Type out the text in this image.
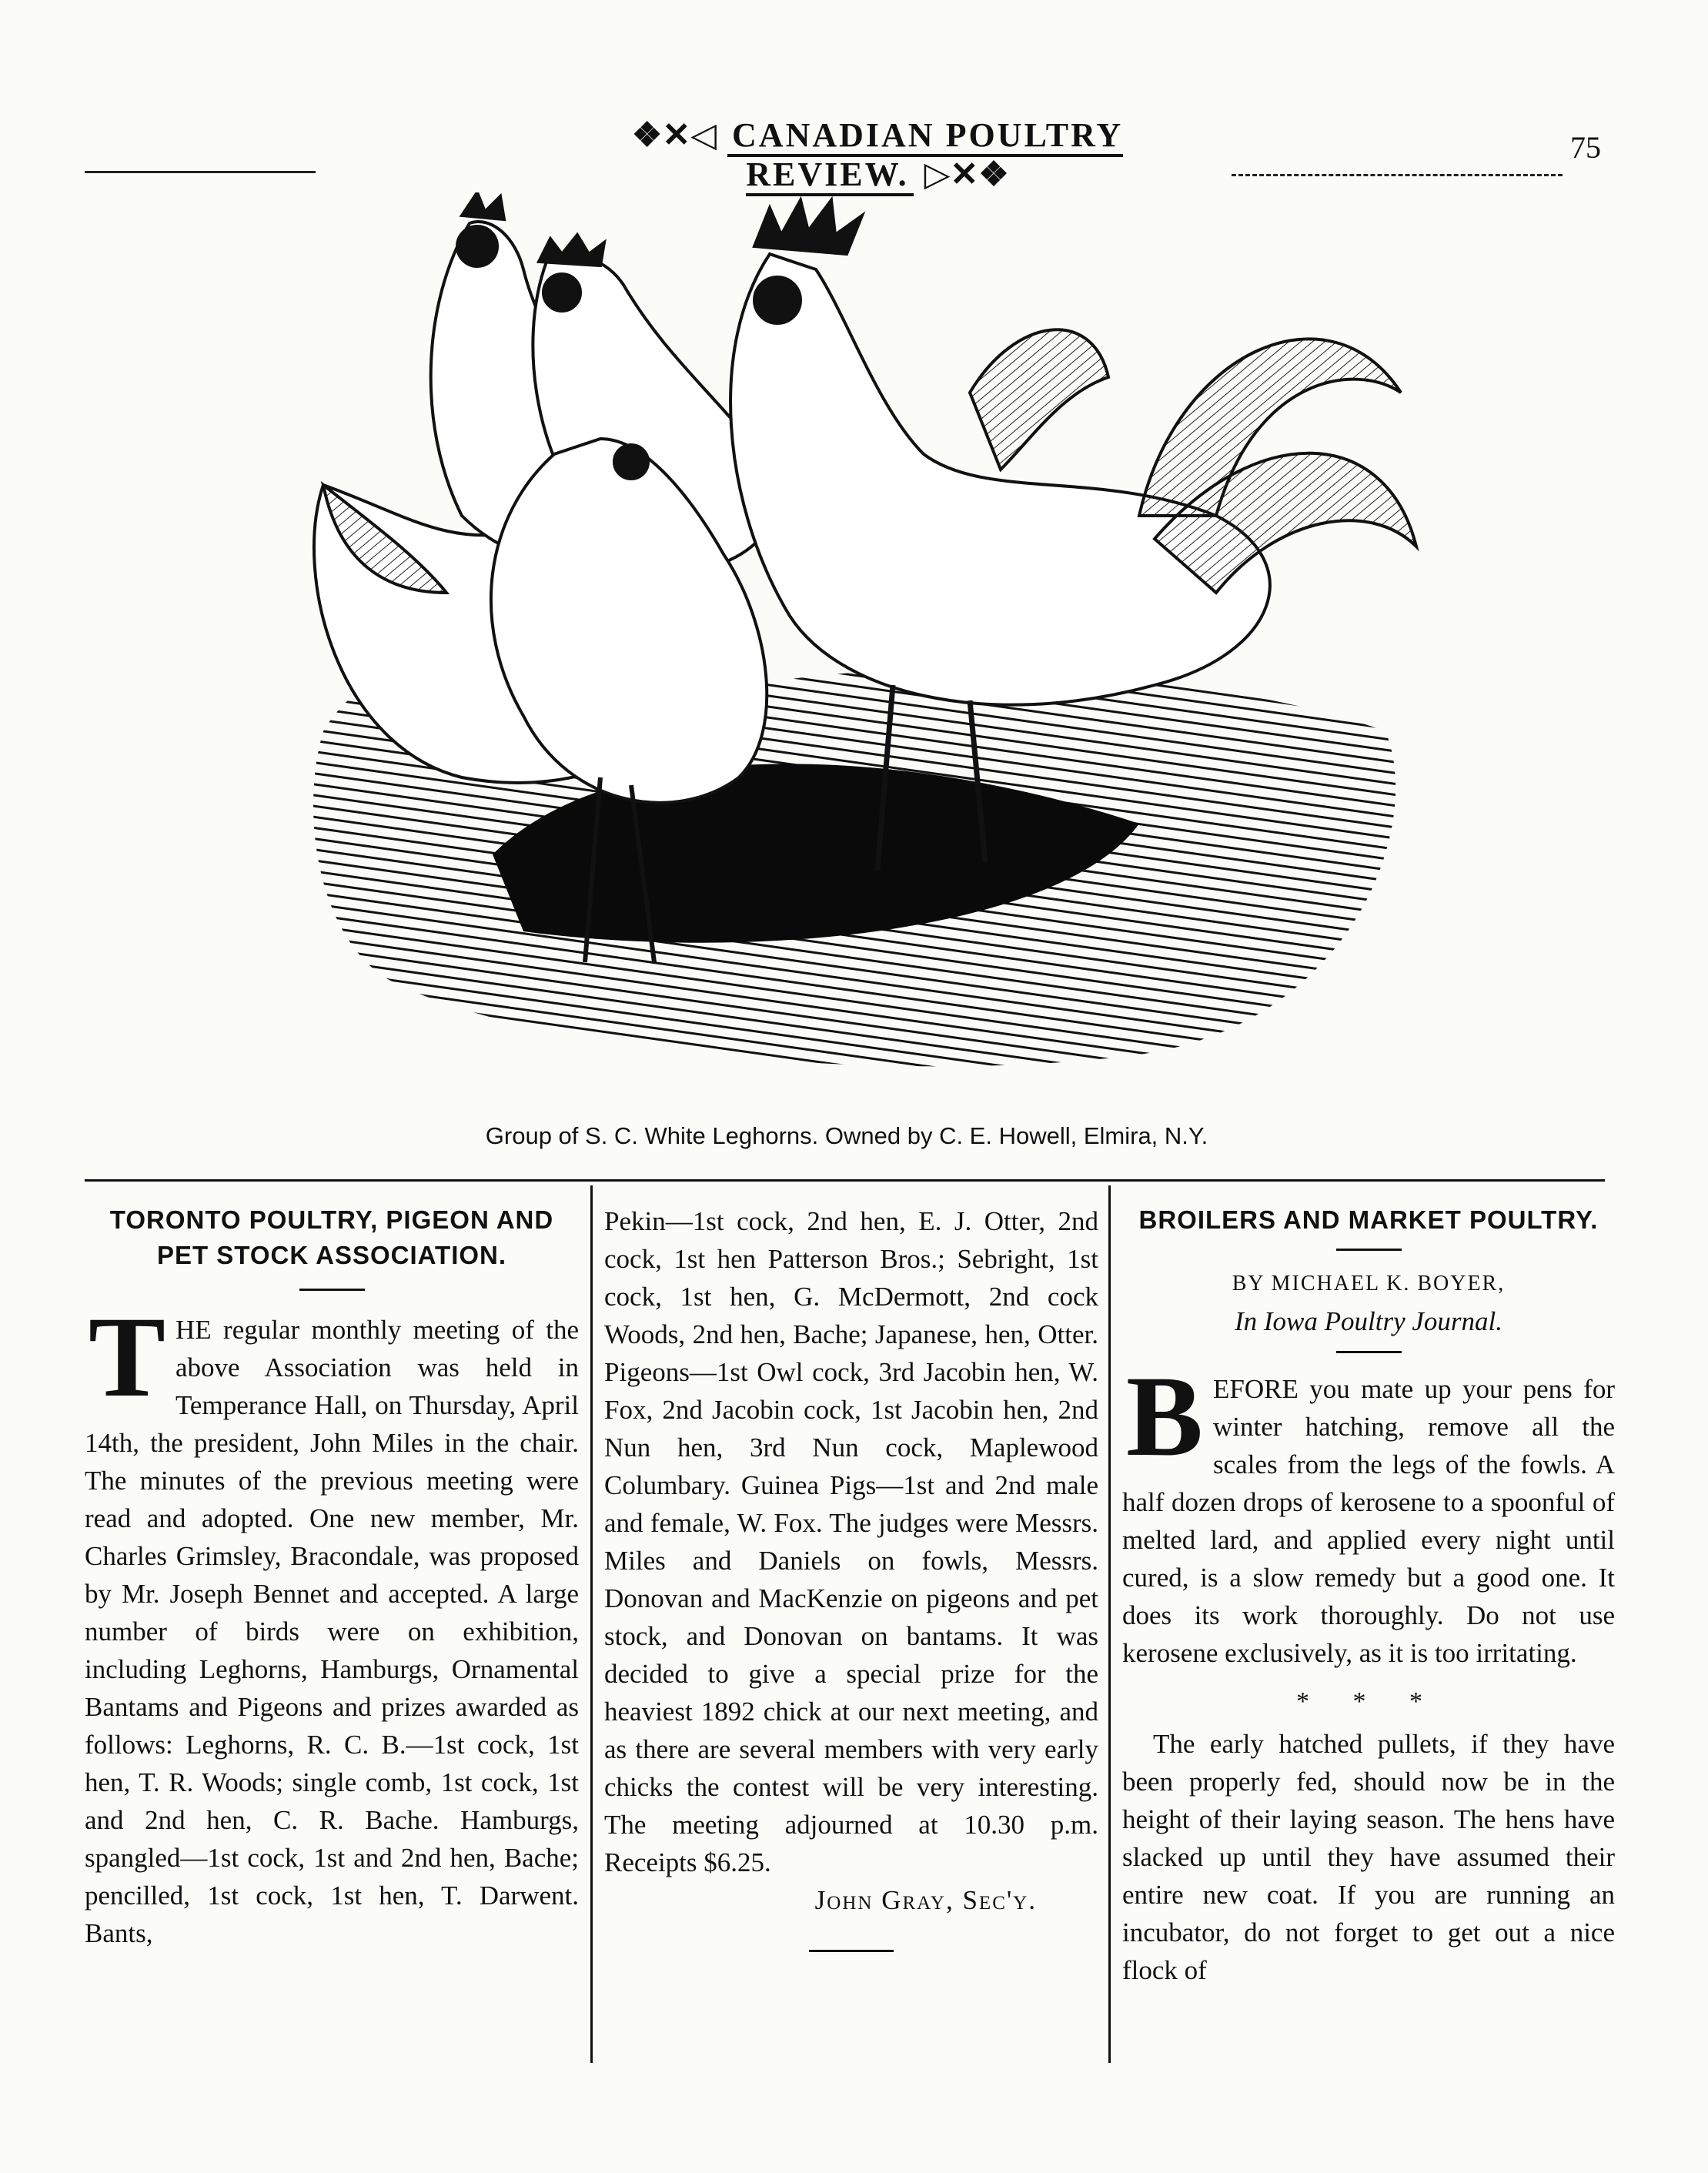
❖✕◁ CANADIAN POULTRY REVIEW. ▷✕❖
75
Group of S. C. White Leghorns. Owned by C. E. Howell, Elmira, N.Y.
TORONTO POULTRY, PIGEON AND
PET STOCK ASSOCIATION.

THE regular monthly meeting of the above Association was held in Temperance Hall, on Thursday, April 14th, the president, John Miles in the chair. The minutes of the previous meeting were read and adopted. One new member, Mr. Charles Grimsley, Bracondale, was proposed by Mr. Joseph Bennet and accepted. A large number of birds were on exhibition, including Leghorns, Hamburgs, Ornamental Bantams and Pigeons and prizes awarded as follows: Leghorns, R. C. B.—1st cock, 1st hen, T. R. Woods; single comb, 1st cock, 1st and 2nd hen, C. R. Bache. Hamburgs, spangled—1st cock, 1st and 2nd hen, Bache; pencilled, 1st cock, 1st hen, T. Darwent. Bants,

Pekin—1st cock, 2nd hen, E. J. Otter, 2nd cock, 1st hen Patterson Bros.; Sebright, 1st cock, 1st hen, G. McDermott, 2nd cock Woods, 2nd hen, Bache; Japanese, hen, Otter. Pigeons—1st Owl cock, 3rd Jacobin hen, W. Fox, 2nd Jacobin cock, 1st Jacobin hen, 2nd Nun hen, 3rd Nun cock, Maplewood Columbary. Guinea Pigs—1st and 2nd male and female, W. Fox. The judges were Messrs. Miles and Daniels on fowls, Messrs. Donovan and MacKenzie on pigeons and pet stock, and Donovan on bantams. It was decided to give a special prize for the heaviest 1892 chick at our next meeting, and as there are several members with very early chicks the contest will be very interesting. The meeting adjourned at 10.30 p.m. Receipts $6.25.

John Gray, Sec'y.

BROILERS AND MARKET POULTRY.
BY MICHAEL K. BOYER,
In Iowa Poultry Journal.

BEFORE you mate up your pens for winter hatching, remove all the scales from the legs of the fowls. A half dozen drops of kerosene to a spoonful of melted lard, and applied every night until cured, is a slow remedy but a good one. It does its work thoroughly. Do not use kerosene exclusively, as it is too irritating.

* * *

The early hatched pullets, if they have been properly fed, should now be in the height of their laying season. The hens have slacked up until they have assumed their entire new coat. If you are running an incubator, do not forget to get out a nice flock of
